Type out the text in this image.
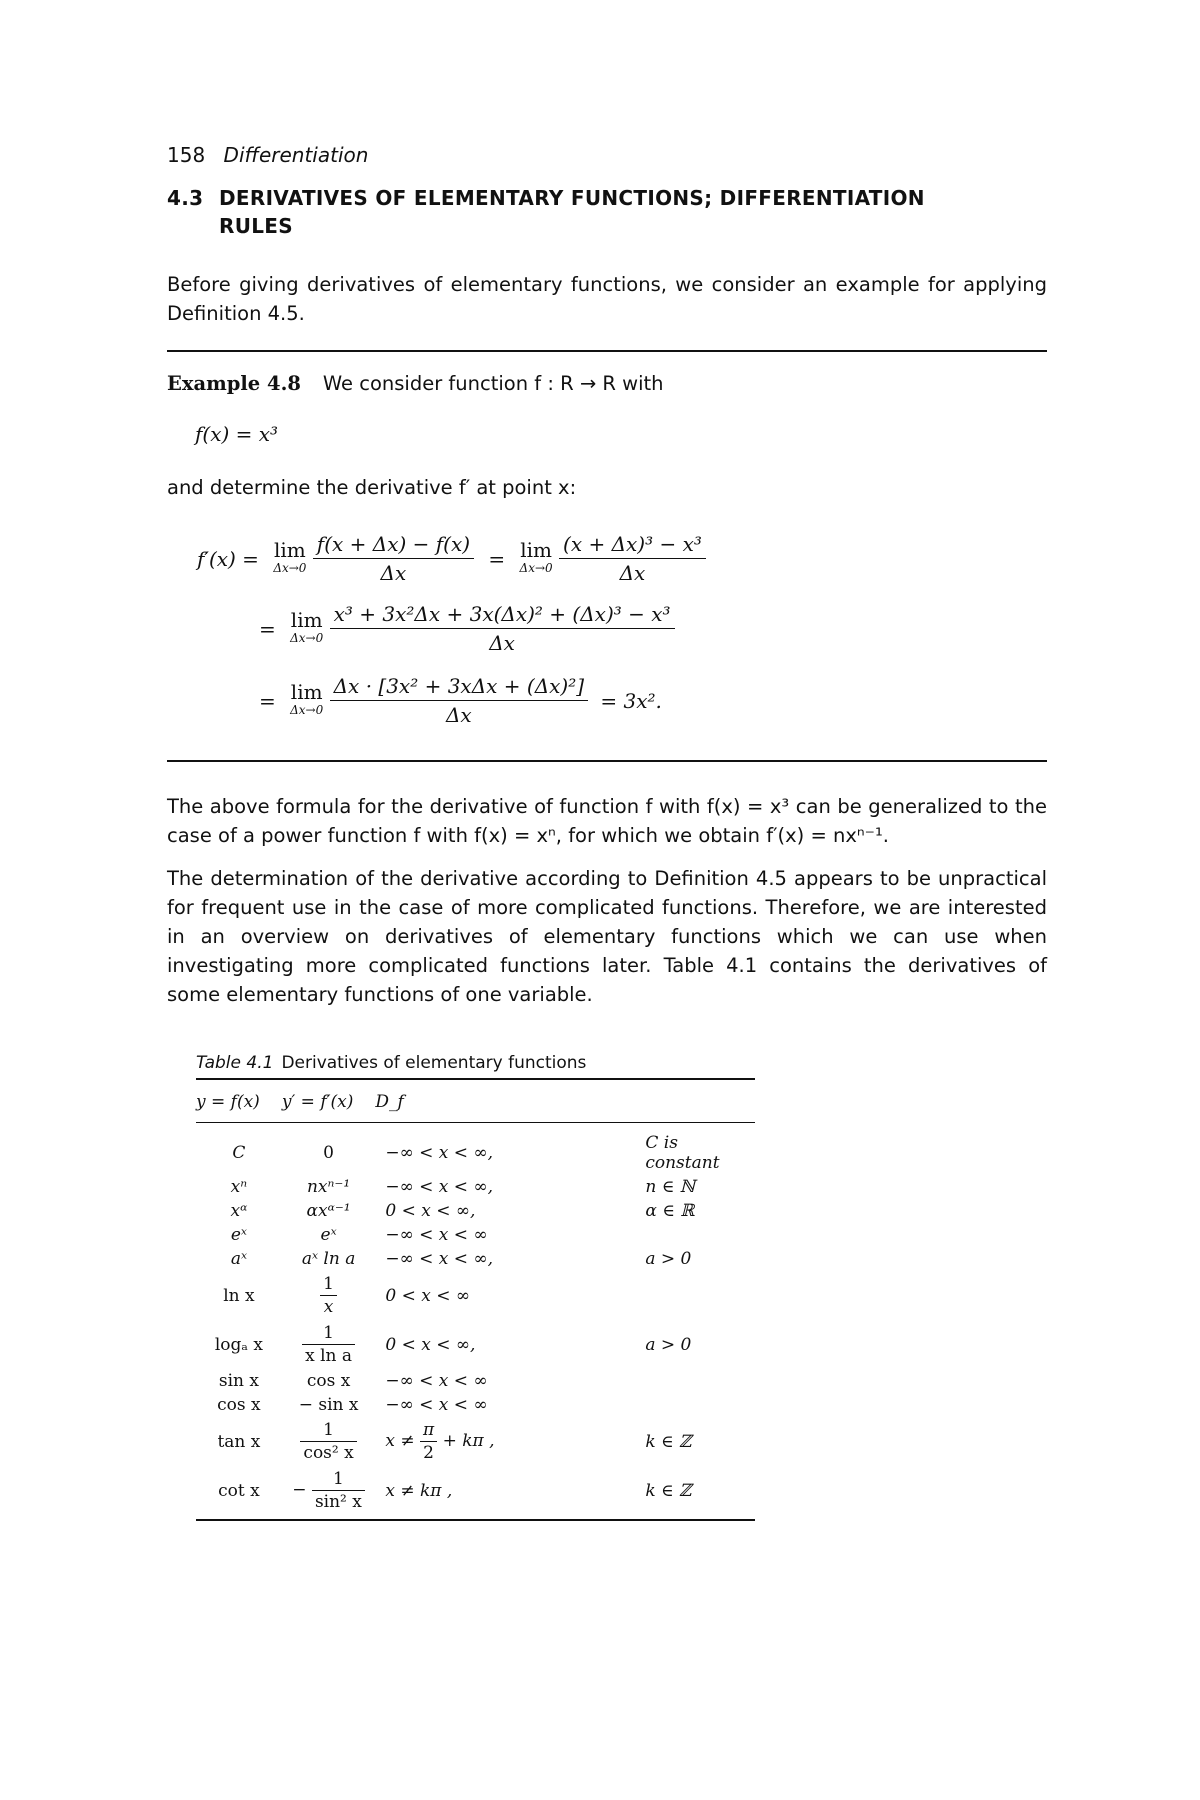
158 Differentiation
4.3 DERIVATIVES OF ELEMENTARY FUNCTIONS; DIFFERENTIATION
RULES
Before giving derivatives of elementary functions, we consider an example for applying Definition 4.5.
Example 4.8 We consider function f : R → R with
f(x) = x³
and determine the derivative f′ at point x:
f′(x) = lim
Δx→0
$\frac{f(x + \Delta x) - f(x)}{\Delta x} = \lim$
Δx→0
$\frac{\text{(x + Δx)³ − x³}}{\Delta x}$
= lim
Δx→0
$\frac{\text{x³ + 3x²Δx + 3x(Δx)² + (Δx)³ − x³}}{\Delta x}$
= lim
Δx→0
$\frac{\text{Δx · [3x² + 3xΔx + (Δx)²]}}{\Delta x} = 3x^2$.
The above formula for the derivative of function f with f(x) = x³ can be generalized to the case of a power function f with f(x) = xⁿ, for which we obtain f′(x) = nxⁿ⁻¹.
The determination of the derivative according to Definition 4.5 appears to be unpractical for frequent use in the case of more complicated functions. Therefore, we are interested in an overview on derivatives of elementary functions which we can use when investigating more complicated functions later. Table 4.1 contains the derivatives of some elementary functions of one variable.
Table 4.1 Derivatives of elementary functions
y = f(x)	y′ = f′(x)	D_f	
C	0	−∞ < x < ∞,	C is constant
xⁿ	nxⁿ⁻¹	−∞ < x < ∞,	n ∈ ℕ
xᵅ	αxᵅ⁻¹	0 < x < ∞,	α ∈ ℝ
eˣ	eˣ	−∞ < x < ∞	
aˣ	aˣ ln a	−∞ < x < ∞,	a > 0
ln x	$\frac{1}{x}$	0 < x < ∞	
logₐ x	$\frac{1}{\text{x ln a}}$	0 < x < ∞,	a > 0
sin x	cos x	−∞ < x < ∞	
cos x	− sin x	−∞ < x < ∞	
tan x	$\frac{1}{\text{cos² x}}$	$x \ne \frac{\pi}{2} + k\pi$ ,	k ∈ ℤ
cot x	− $\frac{1}{\text{sin² x}}$	x ≠ kπ ,	k ∈ ℤ
